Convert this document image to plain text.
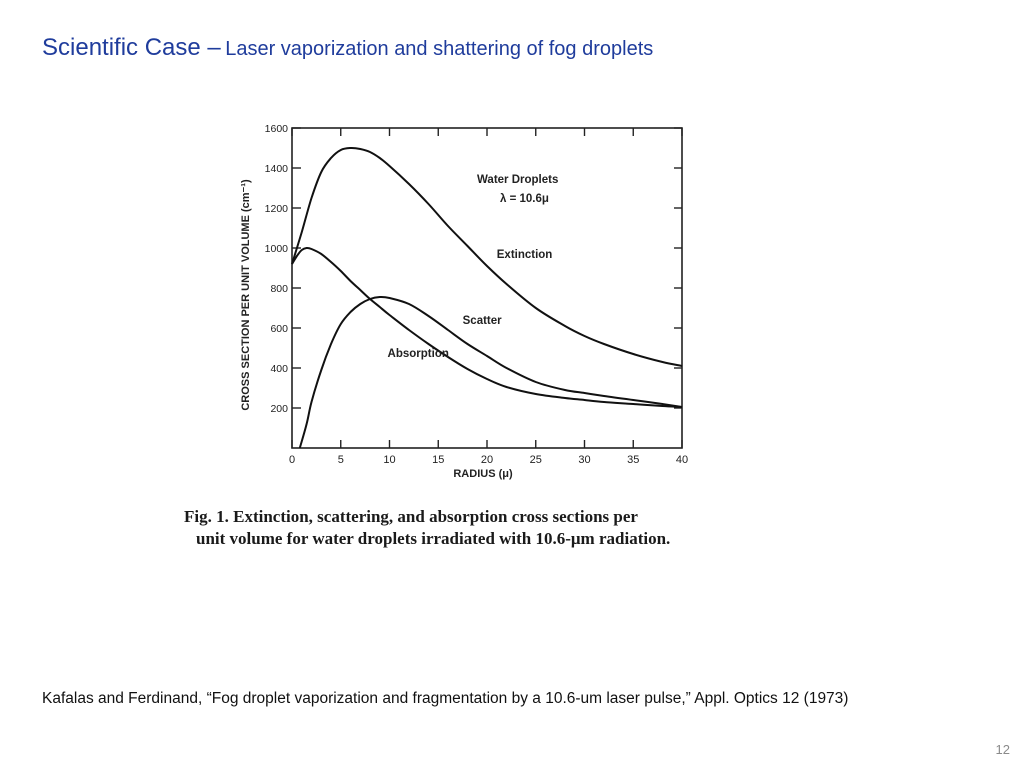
Scientific Case – Laser vaporization and shattering of fog droplets
0	5	10	15	20	25	30	35	40
200
400
600
800
1000
1200
1400
1600
RADIUS (μ)
CROSS SECTION PER UNIT VOLUME (cm⁻¹)	Water Droplets
λ = 10.6μ
Extinction
Scatter
Absorption
Fig. 1. Extinction, scattering, and absorption cross sections per
unit volume for water droplets irradiated with 10.6-μm radiation.
Kafalas and Ferdinand, “Fog droplet vaporization and fragmentation by a 10.6-um laser pulse,” Appl. Optics 12 (1973)
12
